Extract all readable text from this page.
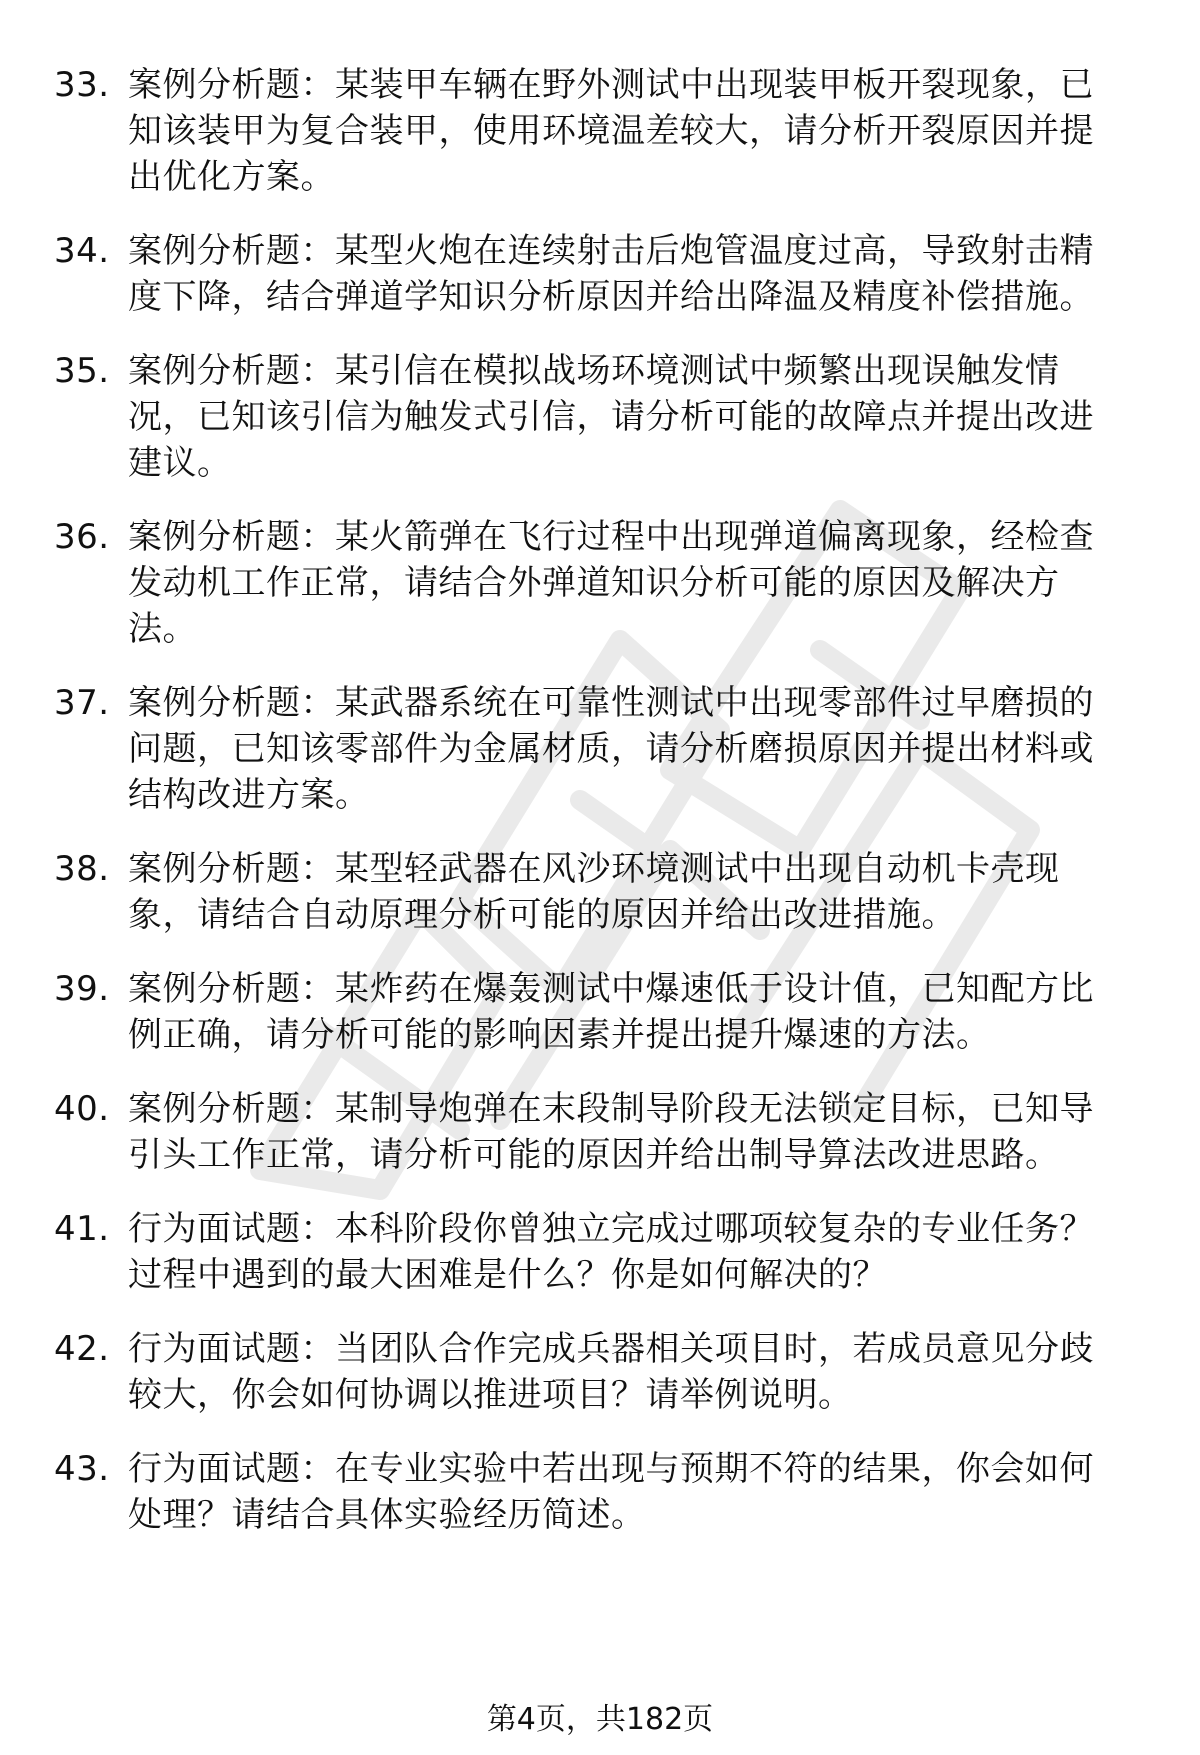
33. 案例分析题：某装甲车辆在野外测试中出现装甲板开裂现象，已
知该装甲为复合装甲，使用环境温差较大，请分析开裂原因并提
出优化方案。
34. 案例分析题：某型火炮在连续射击后炮管温度过高，导致射击精
度下降，结合弹道学知识分析原因并给出降温及精度补偿措施。
35. 案例分析题：某引信在模拟战场环境测试中频繁出现误触发情
况，已知该引信为触发式引信，请分析可能的故障点并提出改进
建议。
36. 案例分析题：某火箭弹在飞行过程中出现弹道偏离现象，经检查
发动机工作正常，请结合外弹道知识分析可能的原因及解决方
法。
37. 案例分析题：某武器系统在可靠性测试中出现零部件过早磨损的
问题，已知该零部件为金属材质，请分析磨损原因并提出材料或
结构改进方案。
38. 案例分析题：某型轻武器在风沙环境测试中出现自动机卡壳现
象，请结合自动原理分析可能的原因并给出改进措施。
39. 案例分析题：某炸药在爆轰测试中爆速低于设计值，已知配方比
例正确，请分析可能的影响因素并提出提升爆速的方法。
40. 案例分析题：某制导炮弹在末段制导阶段无法锁定目标，已知导
引头工作正常，请分析可能的原因并给出制导算法改进思路。
41. 行为面试题：本科阶段你曾独立完成过哪项较复杂的专业任务？
过程中遇到的最大困难是什么？你是如何解决的？
42. 行为面试题：当团队合作完成兵器相关项目时，若成员意见分歧
较大，你会如何协调以推进项目？请举例说明。
43. 行为面试题：在专业实验中若出现与预期不符的结果，你会如何
处理？请结合具体实验经历简述。
第4页，共182页
